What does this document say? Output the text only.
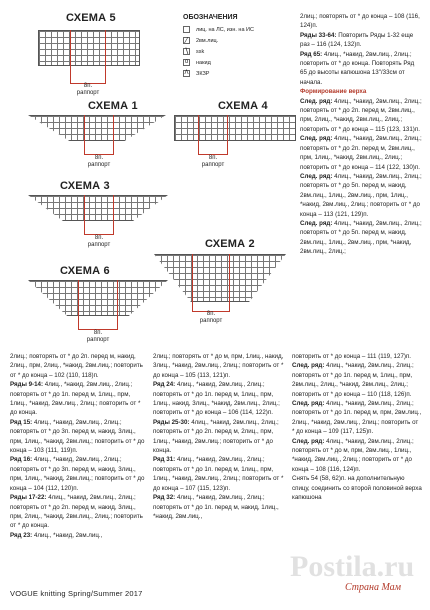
СХЕМА 5
8п.
раппорт
ОБОЗНАЧЕНИЯ
лиц. на ЛС, изн. на ИС
⁄	2вм.лиц.
∖ ssk
o	накид
Λ ЗКЗР
СХЕМА 1
8п.
раппорт
СХЕМА 4
8п.
раппорт
СХЕМА 3
8п.
раппорт	СХЕМА 2
8п.
раппорт
СХЕМА 6
8п.
раппорт

2лиц.; повторять от * до 2п. перед м, накид, 2лиц., прм, 2лиц., *накид, 2вм.лиц.; повторить от * до конца – 102 (110, 118)п.

Ряды 9-14: 4лиц., *накид, 2вм.лиц., 2лиц.; повторять от * до 1п. перед м, 1лиц., прм, 1лиц., *накид, 2вм.лиц., 2лиц.; повторить от * до конца.

Ряд 15: 4лиц., *накид, 2вм.лиц., 2лиц.; повторять от * до 3п. перед м, накид, 3лиц., прм, 1лиц., *накид, 2вм.лиц.; повторить от * до конца – 103 (111, 119)п.

Ряд 16: 4лиц., *накид, 2вм.лиц., 2лиц.; повторять от * до 3п. перед м, накид, 3лиц., прм, 1лиц., *накид, 2вм.лиц.; повторить от * до конца – 104 (112, 120)п.

Ряды 17-22: 4лиц., *накид, 2вм.лиц., 2лиц.; повторять от * до 2п. перед м, накид, 3лиц., прм, 2лиц., *накид, 2вм.лиц., 2лиц.; повторить от * до конца.

Ряд 23: 4лиц., *накид, 2вм.лиц.,

2лиц.; повторять от * до м, прм, 1лиц., накид, 3лиц., *накид, 2вм.лиц., 2лиц.; повторить от * до конца – 105 (113, 121)п.

Ряд 24: 4лиц., *накид, 2вм.лиц., 2лиц.; повторять от * до 1п. перед м, 1лиц., прм, 1лиц., накид, 3лиц., *накид, 2вм.лиц., 2лиц.; повторить от * до конца – 106 (114, 122)п.

Ряды 25-30: 4лиц., *накид, 2вм.лиц., 2лиц.; повторять от * до 2п. перед м, 2лиц., прм, 1лиц., *накид, 2вм.лиц.; повторить от * до конца.

Ряд 31: 4лиц., *накид, 2вм.лиц., 2лиц.; повторять от * до 1п. перед м, 1лиц., прм, 1лиц., *накид, 2вм.лиц., 2лиц.; повторить от * до конца – 107 (115, 123)п.

Ряд 32: 4лиц., *накид, 2вм.лиц., 2лиц.; повторять от * до 1п. перед м, накид, 1лиц., *накид, 2вм.лиц.,

2лиц.; повторять от * до конца – 108 (116, 124)п.

Ряды 33-64: Повторить Ряды 1-32 еще раз – 116 (124, 132)п.

Ряд 65: 4лиц., *накид, 2вм.лиц., 2лиц.; повторить от * до конца. Повторять Ряд 65 до высоты капюшона 13"/33см от начала.

Формирование верха

След. ряд: 4лиц., *накид, 2вм.лиц., 2лиц.; повторять от * до 2п. перед м, 2вм.лиц., прм, 2лиц., *накид, 2вм.лиц., 2лиц.; повторить от * до конца – 115 (123, 131)п.

След. ряд: 4лиц., *накид, 2вм.лиц., 2лиц.; повторять от * до 2п. перед м, 2вм.лиц., прм, 1лиц., *накид, 2вм.лиц., 2лиц.; повторить от * до конца – 114 (122, 130)п.

След. ряд: 4лиц., *накид, 2вм.лиц., 2лиц.; повторять от * до 5п. перед м, накид, 2вм.лиц., 1лиц., 2вм.лиц., прм, 1лиц., *накид, 2вм.лиц., 2лиц.; повторить от * до конца – 113 (121, 129)п.

След. ряд: 4лиц., *накид, 2вм.лиц., 2лиц.; повторять от * до 5п. перед м, накид, 2вм.лиц., 1лиц., 2вм.лиц., прм, *накид, 2вм.лиц., 2лиц.;

повторить от * до конца – 111 (119, 127)п.

След. ряд: 4лиц., *накид, 2вм.лиц., 2лиц.; повторять от * до 1п. перед м, 1лиц., прм, 2вм.лиц., 2лиц., *накид, 2вм.лиц., 2лиц.; повторить от * до конца – 110 (118, 126)п.

След. ряд: 4лиц., *накид, 2вм.лиц., 2лиц.; повторять от * до 1п. перед м, прм, 2вм.лиц., 2лиц., *накид, 2вм.лиц., 2лиц.; повторить от * до конца – 109 (117, 125)п.

След. ряд: 4лиц., *накид, 2вм.лиц., 2лиц.; повторять от * до м, прм, 2вм.лиц., 1лиц., *накид, 2вм.лиц., 2лиц.; повторить от * до конца – 108 (116, 124)п.

Снять 54 (58, 62)п. на дополнительную спицу, соединить со второй половиной верха капюшона

VOGUE knitting Spring/Summer 2017
Postila.ru
Страна Мам
